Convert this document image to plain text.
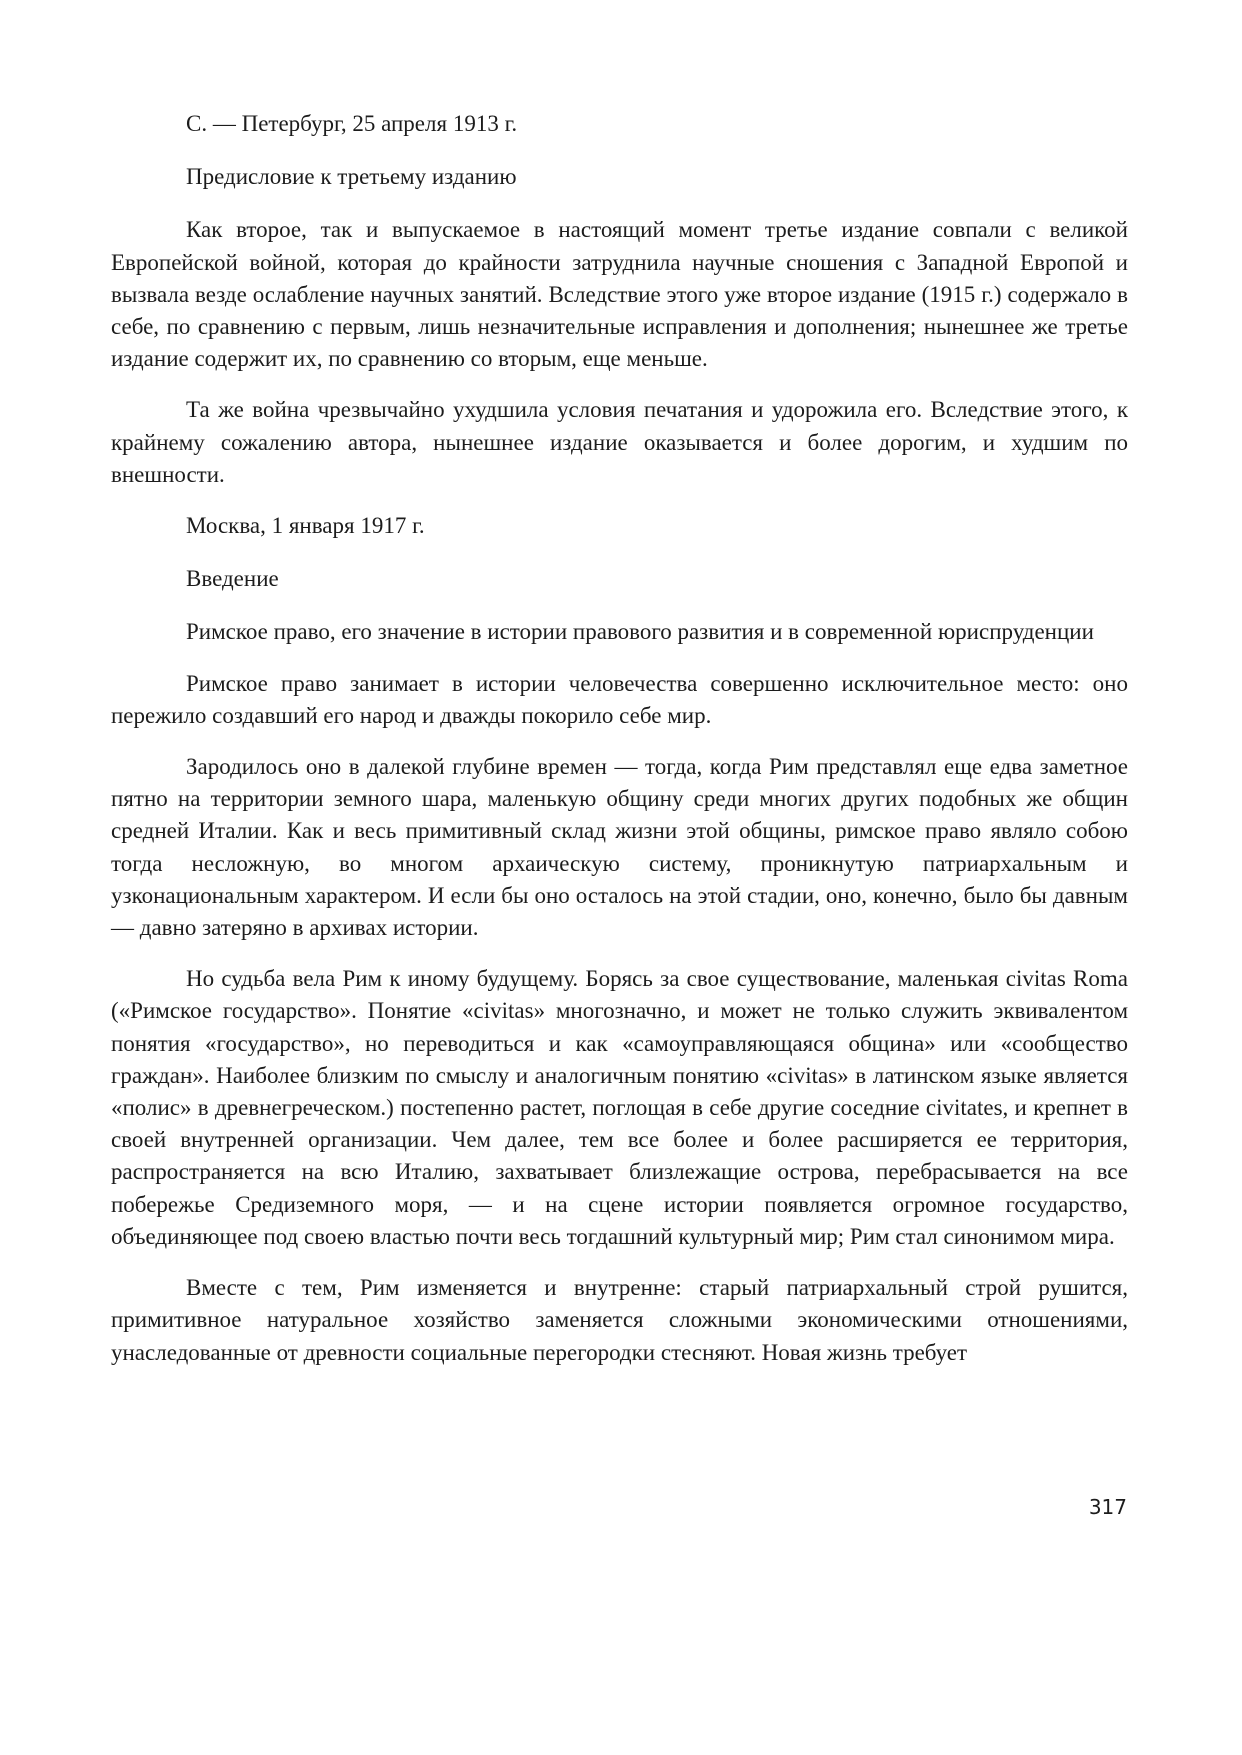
С. — Петербург, 25 апреля 1913 г.

Предисловие к третьему изданию

Как второе, так и выпускаемое в настоящий момент третье издание совпали с великой Европейской войной, которая до крайности затруднила научные сношения с Западной Европой и вызвала везде ослабление научных занятий. Вследствие этого уже второе издание (1915 г.) содержало в себе, по сравнению с первым, лишь незначительные исправления и дополнения; нынешнее же третье издание содержит их, по сравнению со вторым, еще меньше.

Та же война чрезвычайно ухудшила условия печатания и удорожила его. Вследствие этого, к крайнему сожалению автора, нынешнее издание оказывается и более дорогим, и худшим по внешности.

Москва, 1 января 1917 г.

Введение

Римское право, его значение в истории правового развития и в современной юриспруденции

Римское право занимает в истории человечества совершенно исключительное место: оно пережило создавший его народ и дважды покорило себе мир.

Зародилось оно в далекой глубине времен — тогда, когда Рим представлял еще едва заметное пятно на территории земного шара, маленькую общину среди многих других подобных же общин средней Италии. Как и весь примитивный склад жизни этой общины, римское право являло собою тогда несложную, во многом архаическую систему, проникнутую патриархальным и узконациональным характером. И если бы оно осталось на этой стадии, оно, конечно, было бы давным — давно затеряно в архивах истории.

Но судьба вела Рим к иному будущему. Борясь за свое существование, маленькая civitas Roma («Римское государство». Понятие «civitas» многозначно, и может не только служить эквивалентом понятия «государство», но переводиться и как «самоуправляющаяся община» или «сообщество граждан». Наиболее близким по смыслу и аналогичным понятию «civitas» в латинском языке является «полис» в древнегреческом.) постепенно растет, поглощая в себе другие соседние civitates, и крепнет в своей внутренней организации. Чем далее, тем все более и более расширяется ее территория, распространяется на всю Италию, захватывает близлежащие острова, перебрасывается на все побережье Средиземного моря, — и на сцене истории появляется огромное государство, объединяющее под своею властью почти весь тогдашний культурный мир; Рим стал синонимом мира.

Вместе с тем, Рим изменяется и внутренне: старый патриархальный строй рушится, примитивное натуральное хозяйство заменяется сложными экономическими отношениями, унаследованные от древности социальные перегородки стесняют. Новая жизнь требует

317
